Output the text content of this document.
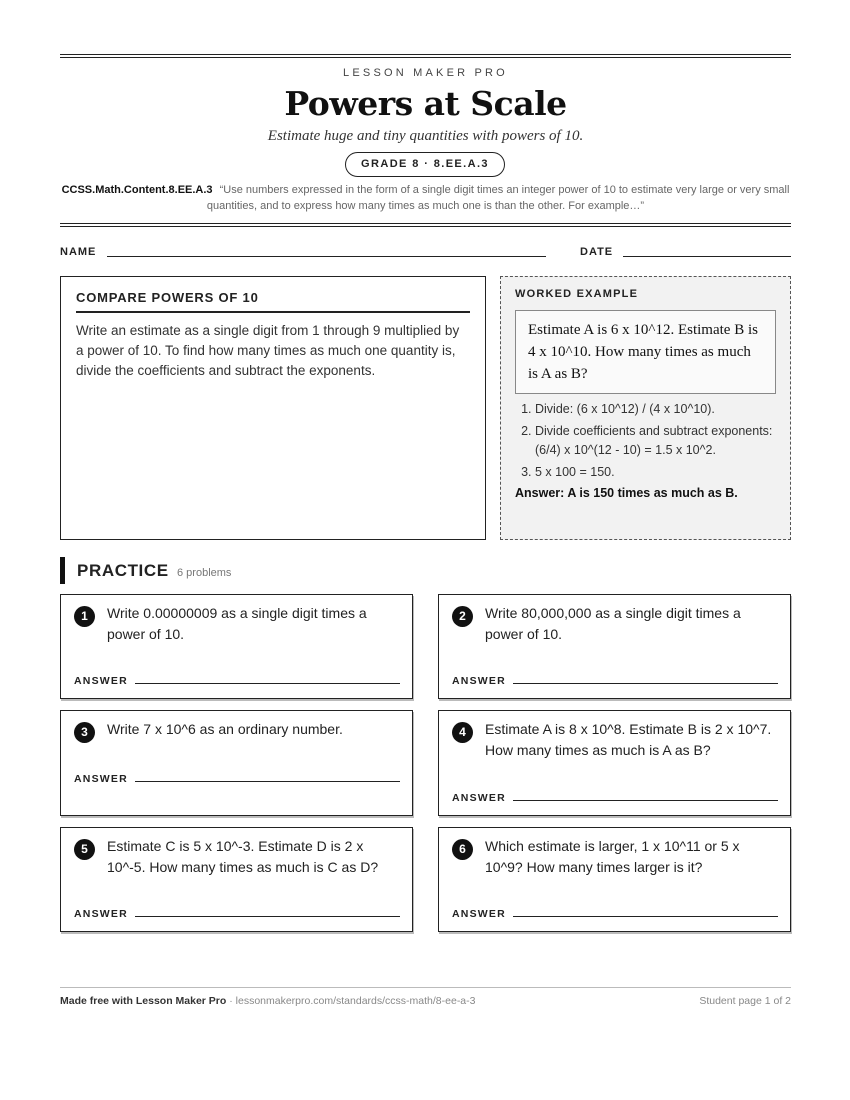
LESSON MAKER PRO
Powers at Scale
Estimate huge and tiny quantities with powers of 10.
GRADE 8 · 8.EE.A.3
CCSS.Math.Content.8.EE.A.3 “Use numbers expressed in the form of a single digit times an integer power of 10 to estimate very large or very small quantities, and to express how many times as much one is than the other. For example…”
NAME	DATE
COMPARE POWERS OF 10
Write an estimate as a single digit from 1 through 9 multiplied by a power of 10. To find how many times as much one quantity is, divide the coefficients and subtract the exponents.
WORKED EXAMPLE
Estimate A is 6 x 10^12. Estimate B is 4 x 10^10. How many times as much is A as B?
1. Divide: (6 x 10^12) / (4 x 10^10).
2. Divide coefficients and subtract exponents: (6/4) x 10^(12 - 10) = 1.5 x 10^2.
3. 5 x 100 = 150.
Answer: A is 150 times as much as B.
PRACTICE 6 problems
1	Write 0.00000009 as a single digit times a power of 10.
ANSWER
2	Write 80,000,000 as a single digit times a power of 10.
ANSWER
3	Write 7 x 10^6 as an ordinary number.
ANSWER
4	Estimate A is 8 x 10^8. Estimate B is 2 x 10^7. How many times as much is A as B?
ANSWER
5	Estimate C is 5 x 10^-3. Estimate D is 2 x 10^-5. How many times as much is C as D?
ANSWER
6	Which estimate is larger, 1 x 10^11 or 5 x 10^9? How many times larger is it?
ANSWER
Made free with Lesson Maker Pro · lessonmakerpro.com/standards/ccss-math/8-ee-a-3	Student page 1 of 2
